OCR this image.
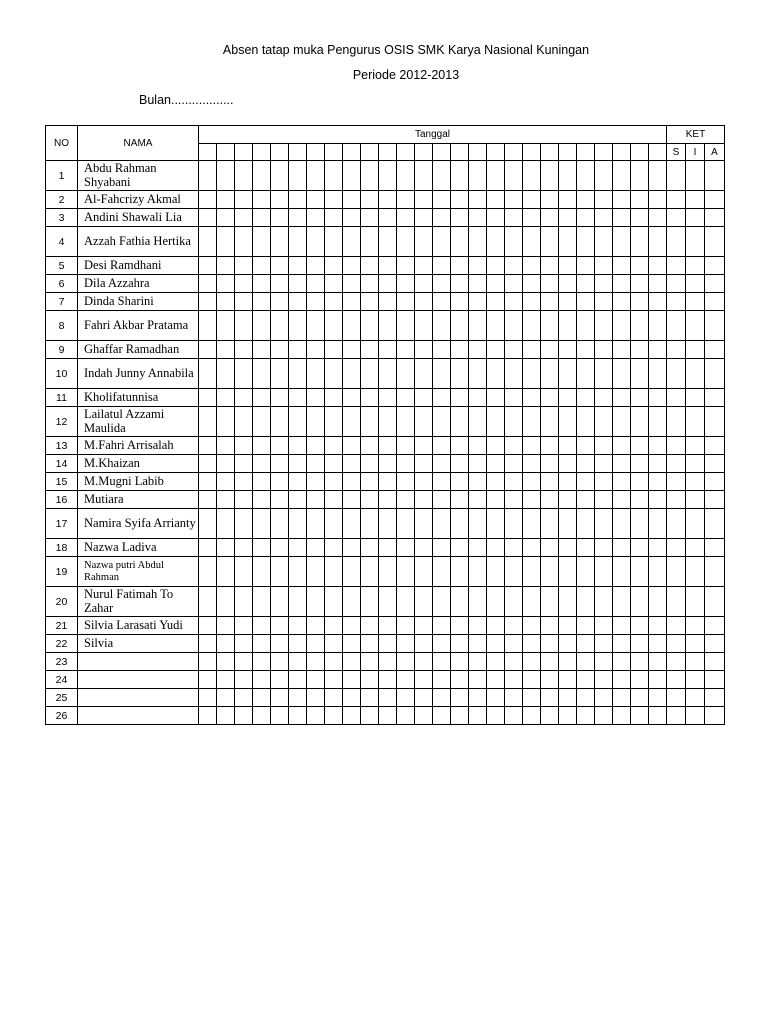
Absen tatap muka Pengurus OSIS SMK Karya Nasional Kuningan
Periode 2012-2013
Bulan..................
NO	NAMA	Tanggal																										KET		
																												S	I	A
1	Abdu Rahman Shyabani																													
2	Al-Fahcrizy Akmal																													
3	Andini Shawali Lia																													
4	Azzah Fathia Hertika																													
5	Desi Ramdhani																													
6	Dila Azzahra																													
7	Dinda Sharini																													
8	Fahri Akbar Pratama																													
9	Ghaffar Ramadhan																													
10	Indah Junny Annabila																													
11	Kholifatunnisa																													
12	Lailatul Azzami Maulida																													
13	M.Fahri Arrisalah																													
14	M.Khaizan																													
15	M.Mugni Labib																													
16	Mutiara																													
17	Namira Syifa Arrianty																													
18	Nazwa Ladiva																													
19	Nazwa putri Abdul Rahman																													
20	Nurul Fatimah To Zahar																													
21	Silvia Larasati Yudi																													
22	Silvia																													
23																														
24																														
25																														
26																														
